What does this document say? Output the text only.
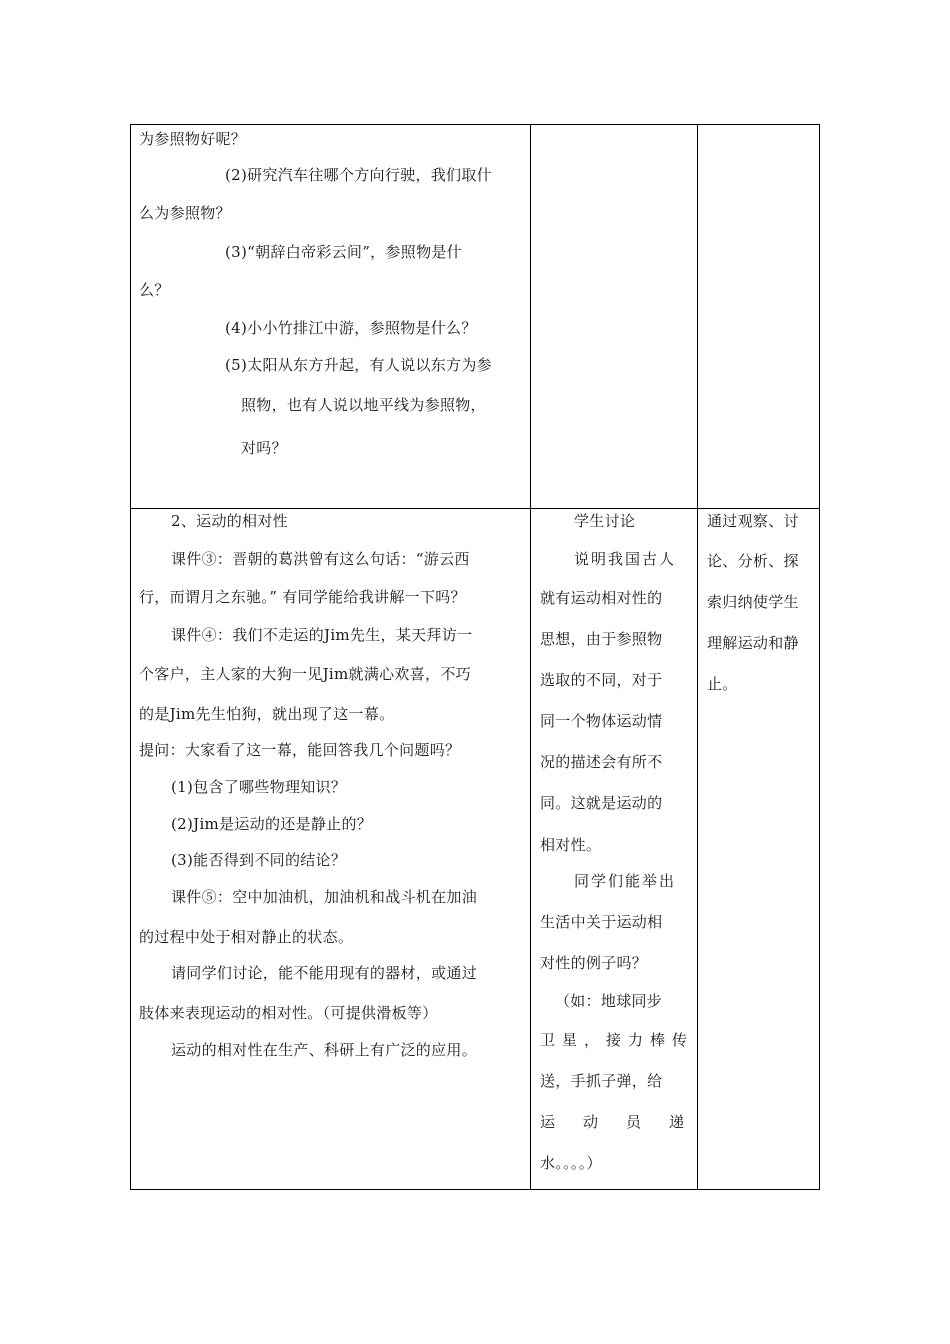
为参照物好呢？
(2)研究汽车往哪个方向行驶，我们取什
么为参照物？
(3)“朝辞白帝彩云间”，参照物是什
么？
(4)小小竹排江中游，参照物是什么？
(5)太阳从东方升起，有人说以东方为参
照物，也有人说以地平线为参照物，
对吗？
2、运动的相对性
课件③：晋朝的葛洪曾有这么句话：“游云西
行，而谓月之东驰。” 有同学能给我讲解一下吗？
课件④：我们不走运的Jim先生，某天拜访一
个客户，主人家的大狗一见Jim就满心欢喜，不巧
的是Jim先生怕狗，就出现了这一幕。
提问：大家看了这一幕，能回答我几个问题吗？
(1)包含了哪些物理知识？
(2)Jim是运动的还是静止的？
(3)能否得到不同的结论？
课件⑤：空中加油机，加油机和战斗机在加油
的过程中处于相对静止的状态。
请同学们讨论，能不能用现有的器材，或通过
肢体来表现运动的相对性。（可提供滑板等）
运动的相对性在生产、科研上有广泛的应用。
学生讨论
说明我国古人
就有运动相对性的
思想，由于参照物
选取的不同，对于
同一个物体运动情
况的描述会有所不
同。这就是运动的
相对性。
同学们能举出
生活中关于运动相
对性的例子吗？
（如：地球同步
卫星，接力棒传
送，手抓子弹，给
运动员递
水。。。。）
通过观察、讨
论、分析、探
索归纳使学生
理解运动和静
止。
